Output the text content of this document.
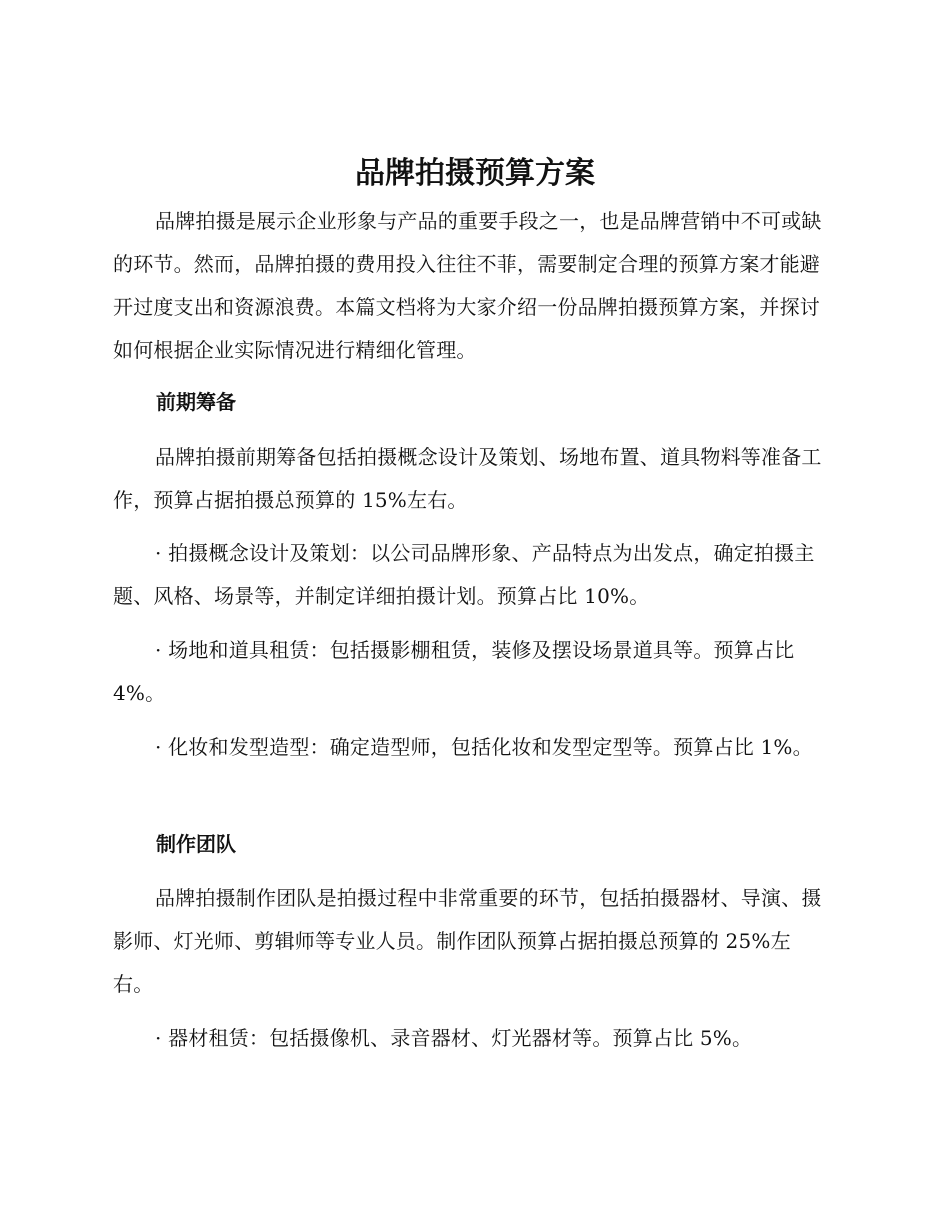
品牌拍摄预算方案

品牌拍摄是展示企业形象与产品的重要手段之一，也是品牌营销中不可或缺的环节。然而，品牌拍摄的费用投入往往不菲，需要制定合理的预算方案才能避开过度支出和资源浪费。本篇文档将为大家介绍一份品牌拍摄预算方案，并探讨如何根据企业实际情况进行精细化管理。

前期筹备

品牌拍摄前期筹备包括拍摄概念设计及策划、场地布置、道具物料等准备工作，预算占据拍摄总预算的 15%左右。

· 拍摄概念设计及策划：以公司品牌形象、产品特点为出发点，确定拍摄主题、风格、场景等，并制定详细拍摄计划。预算占比 10%。

· 场地和道具租赁：包括摄影棚租赁，装修及摆设场景道具等。预算占比 4%。

· 化妆和发型造型：确定造型师，包括化妆和发型定型等。预算占比 1%。

制作团队

品牌拍摄制作团队是拍摄过程中非常重要的环节，包括拍摄器材、导演、摄影师、灯光师、剪辑师等专业人员。制作团队预算占据拍摄总预算的 25%左右。

· 器材租赁：包括摄像机、录音器材、灯光器材等。预算占比 5%。
